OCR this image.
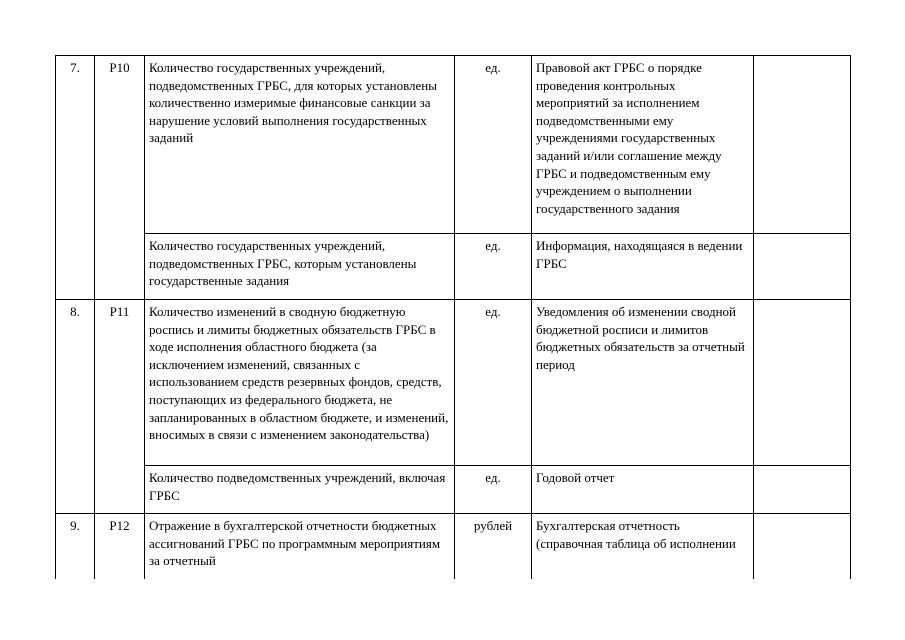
7.	Р10	Количество государственных учреждений, подведомственных ГРБС, для которых установлены количественно измеримые финансовые санкции за нарушение условий выполнения государственных заданий	ед.	Правовой акт ГРБС о порядке проведения контрольных мероприятий за исполнением подведомственными ему учреждениями государственных заданий и/или соглашение между ГРБС и подведомственным ему учреждением о выполнении государственного задания	
		Количество государственных учреждений, подведомственных ГРБС, которым установлены государственные задания	ед.	Информация, находящаяся в ведении ГРБС	
8.	Р11	Количество изменений в сводную бюджетную роспись и лимиты бюджетных обязательств ГРБС в ходе исполнения областного бюджета (за исключением изменений, связанных с использованием средств резервных фондов, средств, поступающих из федерального бюджета, не запланированных в областном бюджете, и изменений, вносимых в связи с изменением законодательства)	ед.	Уведомления об изменении сводной бюджетной росписи и лимитов бюджетных обязательств за отчетный период	
		Количество подведомственных учреждений, включая ГРБС	ед.	Годовой отчет	
9.	Р12	Отражение в бухгалтерской отчетности бюджетных ассигнований ГРБС по программным мероприятиям за отчетный	рублей	Бухгалтерская отчетность (справочная таблица об исполнении	
